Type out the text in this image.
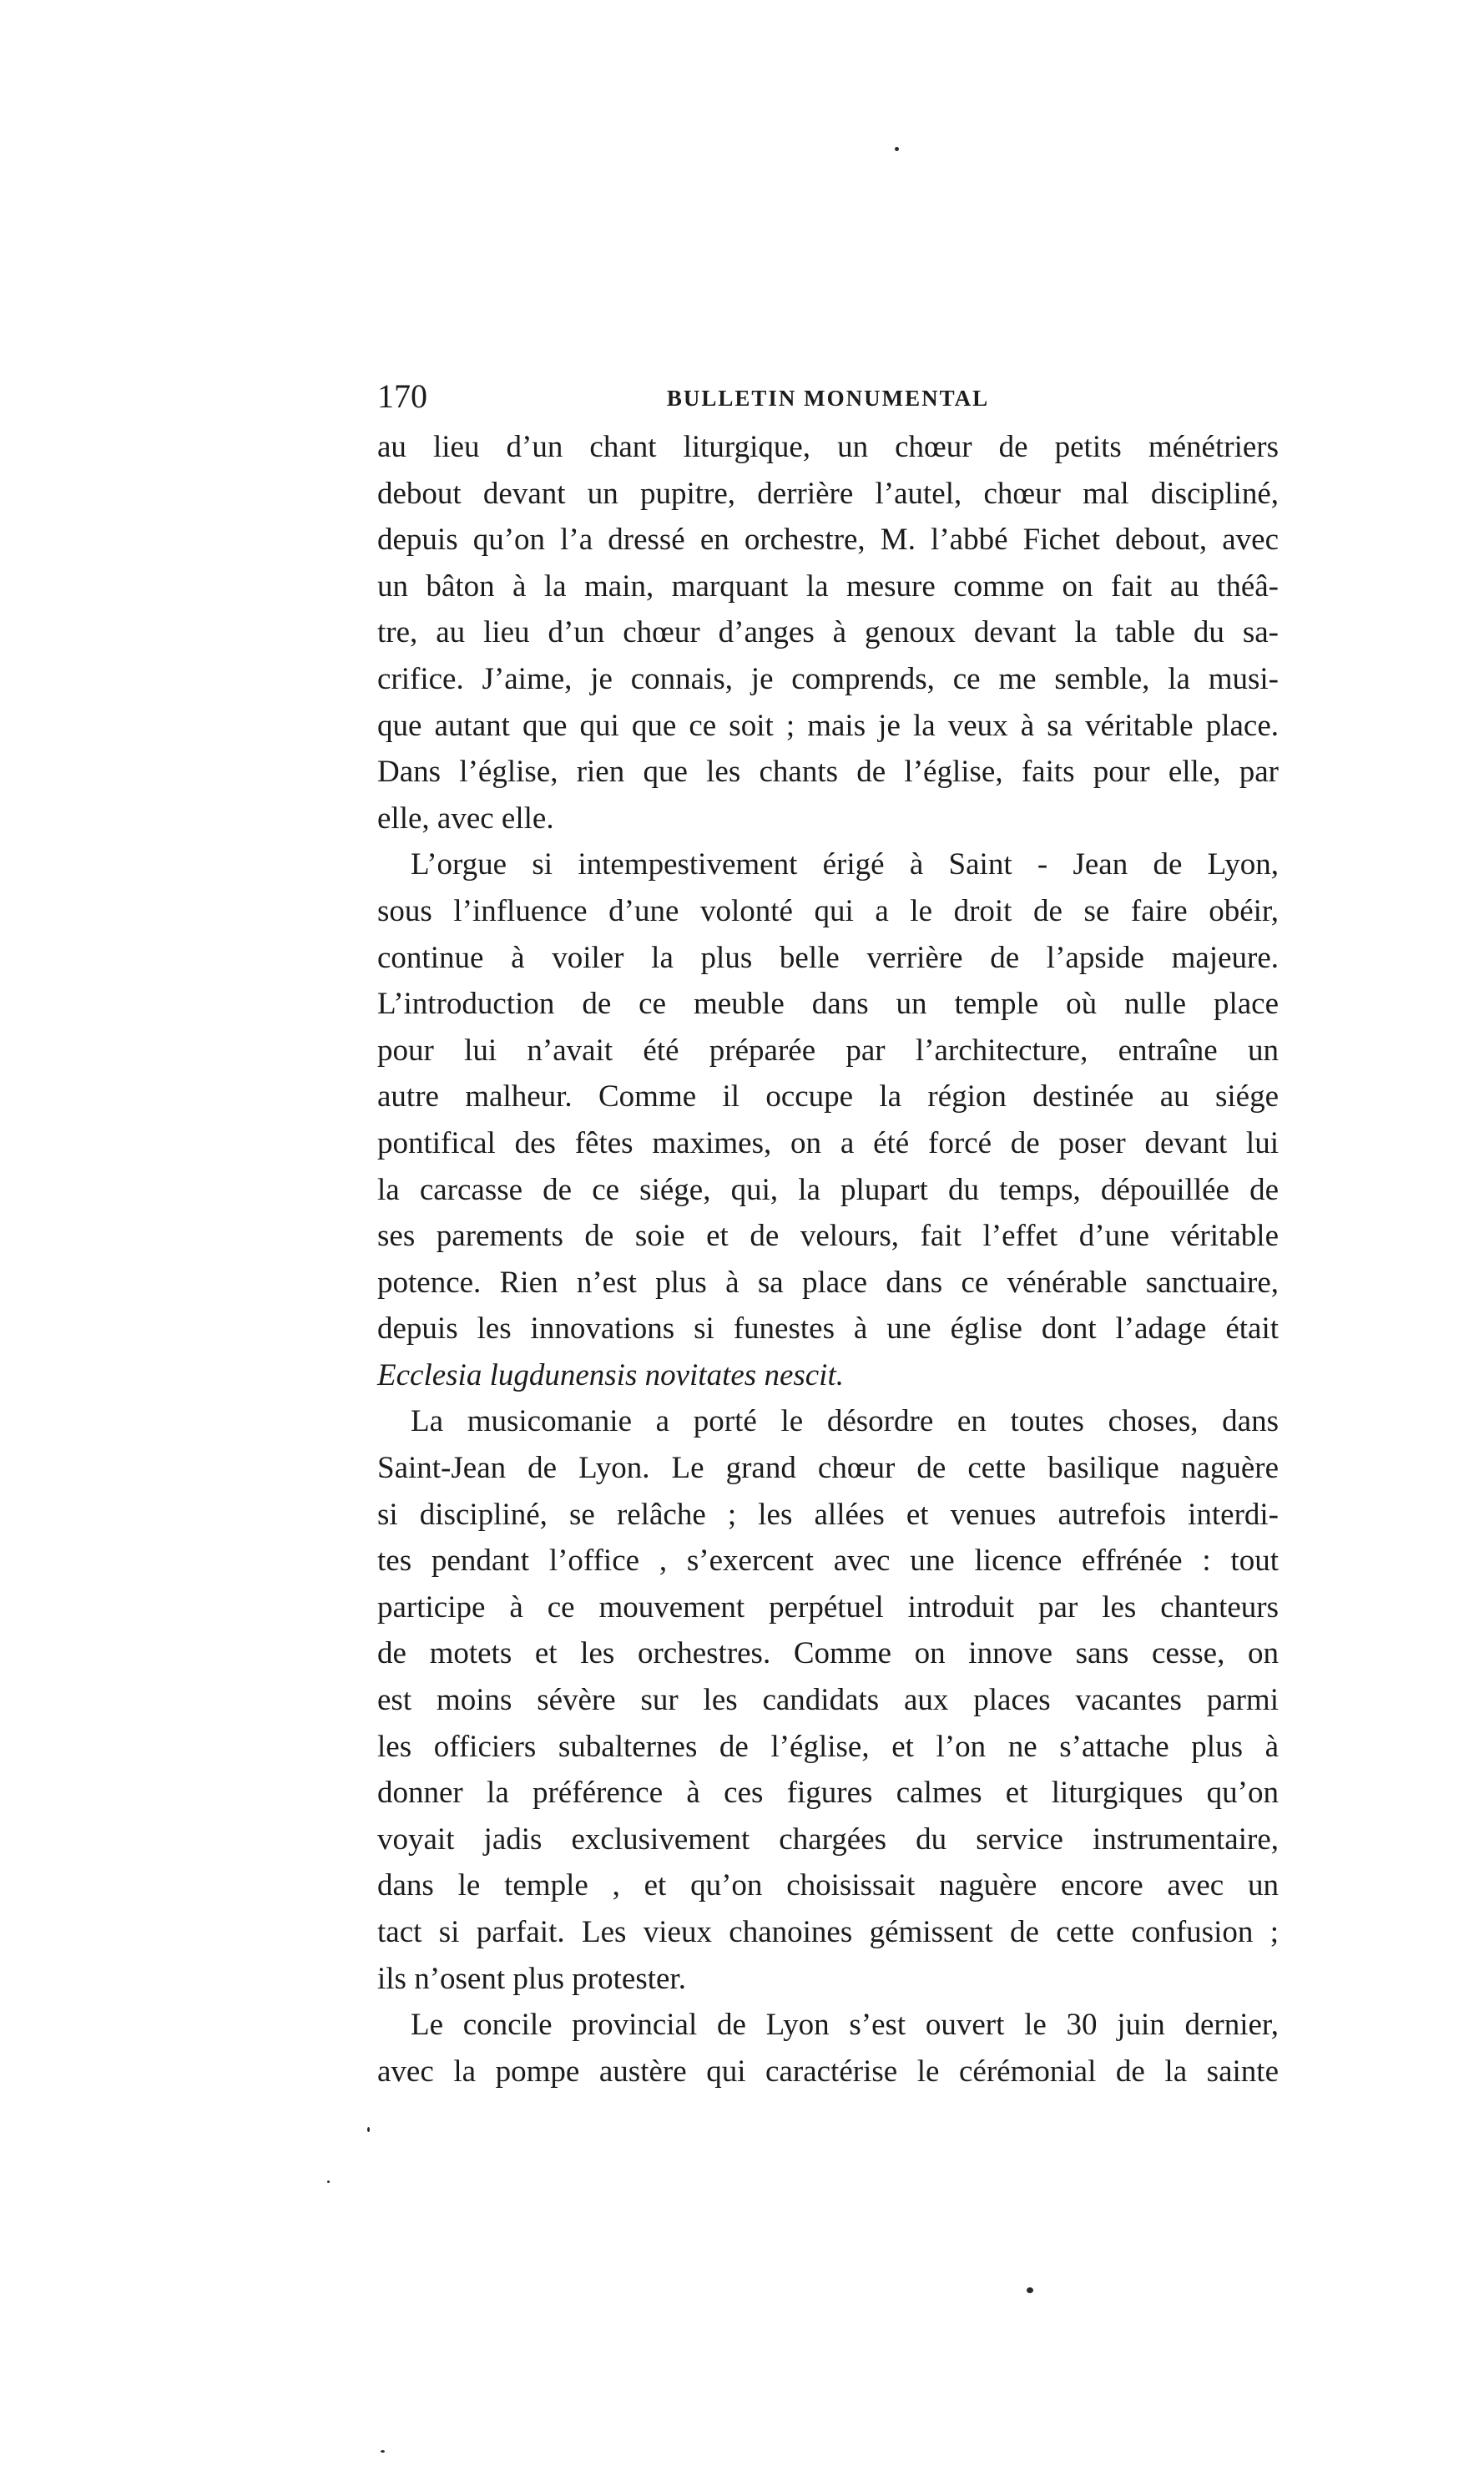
170	BULLETIN MONUMENTAL

au lieu d’un chant liturgique, un chœur de petits ménétriers
debout devant un pupitre, derrière l’autel, chœur mal discipliné,
depuis qu’on l’a dressé en orchestre, M. l’abbé Fichet debout, avec
un bâton à la main, marquant la mesure comme on fait au théâ-
tre, au lieu d’un chœur d’anges à genoux devant la table du sa-
crifice. J’aime, je connais, je comprends, ce me semble, la musi-
que autant que qui que ce soit ; mais je la veux à sa véritable place.
Dans l’église, rien que les chants de l’église, faits pour elle, par
elle, avec elle.

L’orgue si intempestivement érigé à Saint - Jean de Lyon,
sous l’influence d’une volonté qui a le droit de se faire obéir,
continue à voiler la plus belle verrière de l’apside majeure.
L’introduction de ce meuble dans un temple où nulle place
pour lui n’avait été préparée par l’architecture, entraîne un
autre malheur. Comme il occupe la région destinée au siége
pontifical des fêtes maximes, on a été forcé de poser devant lui
la carcasse de ce siége, qui, la plupart du temps, dépouillée de
ses parements de soie et de velours, fait l’effet d’une véritable
potence. Rien n’est plus à sa place dans ce vénérable sanctuaire,
depuis les innovations si funestes à une église dont l’adage était
Ecclesia lugdunensis novitates nescit.

La musicomanie a porté le désordre en toutes choses, dans
Saint-Jean de Lyon. Le grand chœur de cette basilique naguère
si discipliné, se relâche ; les allées et venues autrefois interdi-
tes pendant l’office , s’exercent avec une licence effrénée : tout
participe à ce mouvement perpétuel introduit par les chanteurs
de motets et les orchestres. Comme on innove sans cesse, on
est moins sévère sur les candidats aux places vacantes parmi
les officiers subalternes de l’église, et l’on ne s’attache plus à
donner la préférence à ces figures calmes et liturgiques qu’on
voyait jadis exclusivement chargées du service instrumentaire,
dans le temple , et qu’on choisissait naguère encore avec un
tact si parfait. Les vieux chanoines gémissent de cette confusion ;
ils n’osent plus protester.

Le concile provincial de Lyon s’est ouvert le 30 juin dernier,
avec la pompe austère qui caractérise le cérémonial de la sainte
